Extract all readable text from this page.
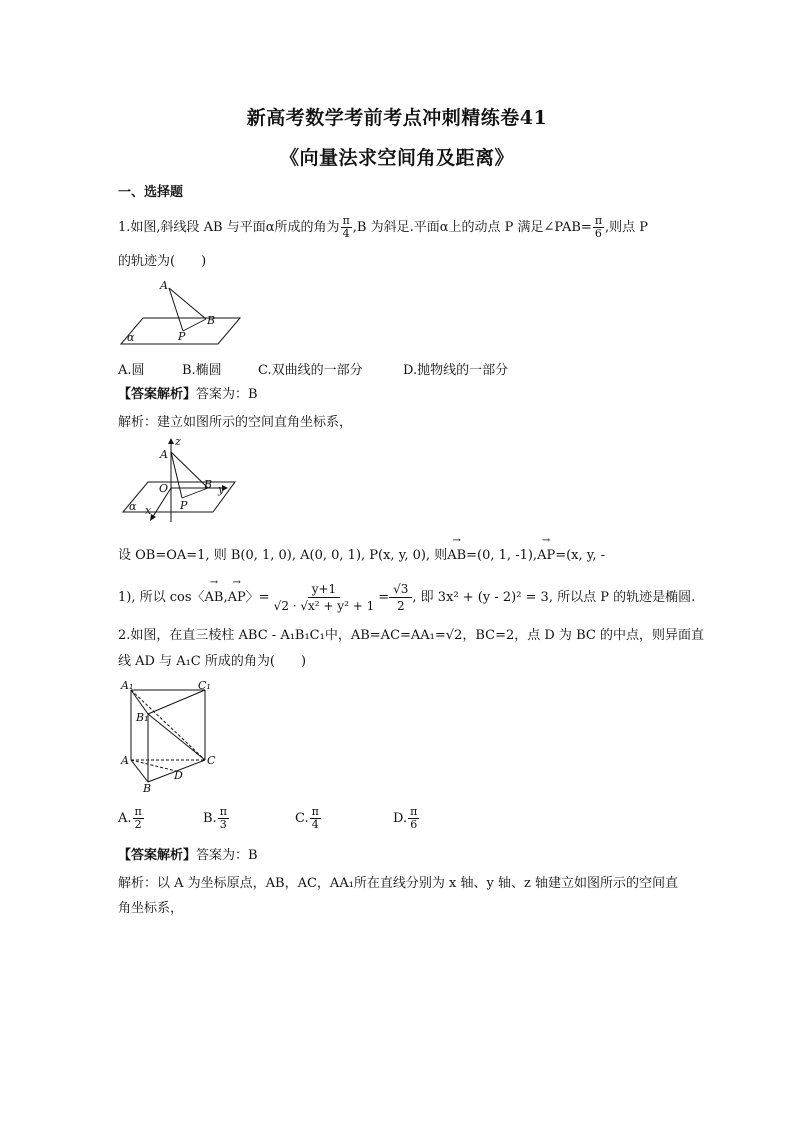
新高考数学考前考点冲刺精练卷41
《向量法求空间角及距离》
一、选择题
1.如图,斜线段 AB 与平面α所成的角为 $\frac{\pi}{4} ,B$ 为斜足.平面α上的动点 P 满足∠PAB= $\frac{\pi}{6}$ ,则点 P
的轨迹为(　　)
A
B
P
α
A.圆	B.椭圆	C.双曲线的一部分	D.抛物线的一部分
【答案解析】答案为：B
解析：建立如图所示的空间直角坐标系，
A
z
O	B y
P
x
α
设 OB=OA=1, 则 B(0, 1, 0), A(0, 0, 1), P(x, y, 0), 则→ AB=(0, 1, -1),→ AP=(x, y, -
1), 所以 cos〈→ AB,→ AP〉= $\frac{y+1}{\text{√2 · √x² + y² + 1}} = \frac{√3}{2}$ , 即 3x² + (y - 2)² = 3, 所以点 P 的轨迹是椭圆.
2.如图，在直三棱柱 ABC - A₁B₁C₁中，AB=AC=AA₁=√2，BC=2，点 D 为 BC 的中点，则异面直
线 AD 与 A₁C 所成的角为(　　)
A₁	C₁
B₁
A	C
B
D
A. $\frac{\pi}{2}$	B. $\frac{\pi}{3}$	C. $\frac{\pi}{4}$	D. $\frac{\pi}{6}$
【答案解析】答案为：B
解析：以 A 为坐标原点，AB，AC，AA₁所在直线分别为 x 轴、y 轴、z 轴建立如图所示的空间直
角坐标系，
